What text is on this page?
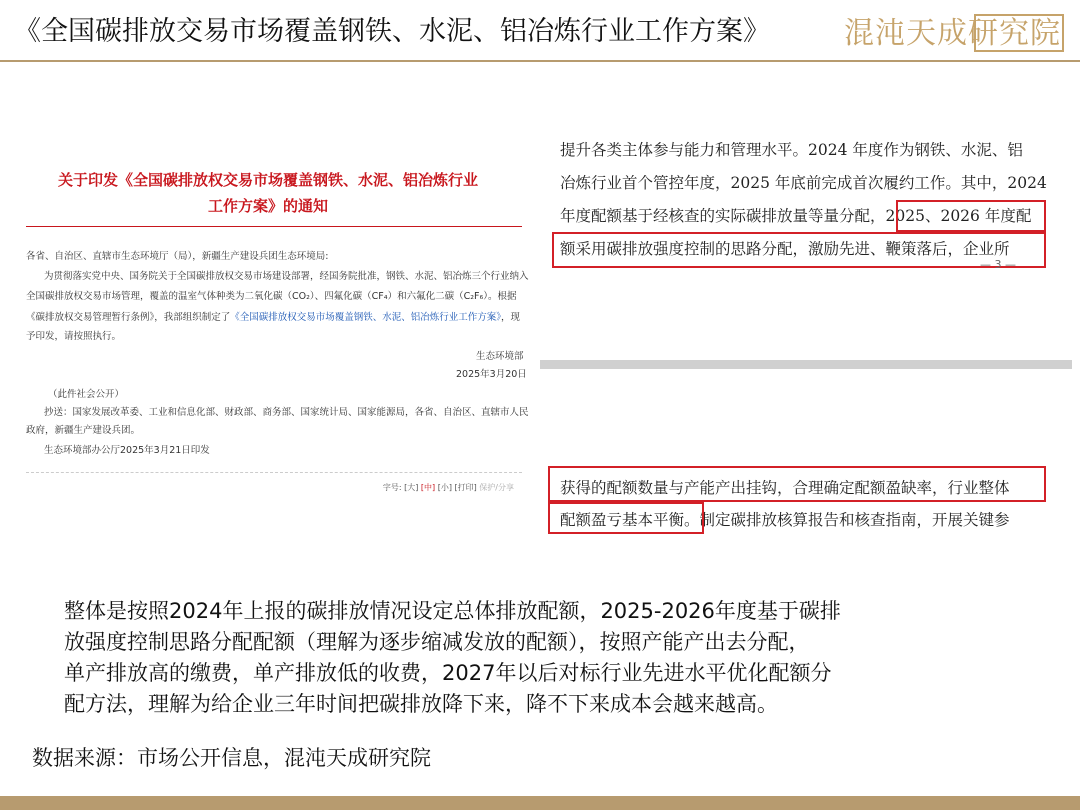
《全国碳排放交易市场覆盖钢铁、水泥、铝冶炼行业工作方案》	混沌天成研究院
关于印发《全国碳排放权交易市场覆盖钢铁、水泥、铝冶炼行业
工作方案》的通知
各省、自治区、直辖市生态环境厅（局），新疆生产建设兵团生态环境局:
为贯彻落实党中央、国务院关于全国碳排放权交易市场建设部署，经国务院批准，钢铁、水泥、铝冶炼三个行业纳入
全国碳排放权交易市场管理，覆盖的温室气体种类为二氧化碳（CO₂）、四氟化碳（CF₄）和六氟化二碳（C₂F₆）。根据
《碳排放权交易管理暂行条例》，我部组织制定了《全国碳排放权交易市场覆盖钢铁、水泥、铝冶炼行业工作方案》，现
予印发，请按照执行。
生态环境部
2025年3月20日
（此件社会公开）
抄送：国家发展改革委、工业和信息化部、财政部、商务部、国家统计局、国家能源局，各省、自治区、直辖市人民
政府，新疆生产建设兵团。
生态环境部办公厅2025年3月21日印发
字号: [大] [中] [小] [打印] 保护/分享
提升各类主体参与能力和管理水平。2024 年度作为钢铁、水泥、铝
冶炼行业首个管控年度，2025 年底前完成首次履约工作。其中，2024
年度配额基于经核查的实际碳排放量等量分配，2025、2026 年度配
额采用碳排放强度控制的思路分配，激励先进、鞭策落后，企业所
— 3 —
获得的配额数量与产能产出挂钩，合理确定配额盈缺率，行业整体
配额盈亏基本平衡。制定碳排放核算报告和核查指南，开展关键参

整体是按照2024年上报的碳排放情况设定总体排放配额，2025-2026年度基于碳排

放强度控制思路分配配额（理解为逐步缩减发放的配额），按照产能产出去分配，

单产排放高的缴费，单产排放低的收费，2027年以后对标行业先进水平优化配额分

配方法，理解为给企业三年时间把碳排放降下来，降不下来成本会越来越高。

数据来源：市场公开信息，混沌天成研究院
